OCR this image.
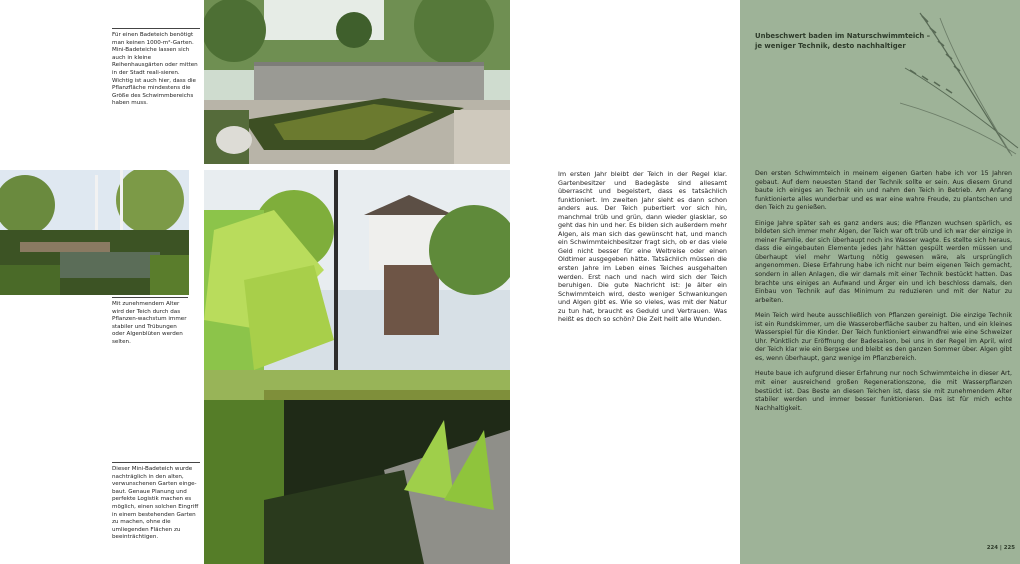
Für einen Badeteich benötigt man keinen 1000-m²-Garten. Mini-Badeteiche lassen sich auch in kleine Reihenhausgärten oder mitten in der Stadt reali-sieren. Wichtig ist auch hier, dass die Pflanzfläche mindestens die Größe des Schwimmbereichs haben muss.

Mit zunehmendem Alter wird der Teich durch das Pflanzen-wachstum immer stabiler und Trübungen oder Algenblüten werden selten.

Dieser Mini-Badeteich wurde nachträglich in den alten, verwunschenen Garten einge-baut. Genaue Planung und perfekte Logistik machen es möglich, einen solchen Eingriff in einem bestehenden Garten zu machen, ohne die umliegenden Flächen zu beeinträchtigen.

Im ersten Jahr bleibt der Teich in der Regel klar. Gartenbesitzer und Badegäste sind allesamt überrascht und begeistert, dass es tatsächlich funktioniert. Im zweiten Jahr sieht es dann schon anders aus. Der Teich pubertiert vor sich hin, manchmal trüb und grün, dann wieder glasklar, so geht das hin und her. Es bilden sich außerdem mehr Algen, als man sich das gewünscht hat, und manch ein Schwimmteichbesitzer fragt sich, ob er das viele Geld nicht besser für eine Weltreise oder einen Oldtimer ausgegeben hätte. Tatsächlich müssen die ersten Jahre im Leben eines Teiches ausgehalten werden. Erst nach und nach wird sich der Teich beruhigen. Die gute Nachricht ist: Je älter ein Schwimmteich wird, desto weniger Schwankungen und Algen gibt es. Wie so vieles, was mit der Natur zu tun hat, braucht es Geduld und Vertrauen. Was heißt es doch so schön? Die Zeit heilt alle Wunden.

Unbeschwert baden im Naturschwimmteich –
je weniger Technik, desto nachhaltiger

Den ersten Schwimmteich in meinem eigenen Garten habe ich vor 15 Jahren gebaut. Auf dem neuesten Stand der Technik sollte er sein. Aus diesem Grund baute ich einiges an Technik ein und nahm den Teich in Betrieb. Am Anfang funktionierte alles wunderbar und es war eine wahre Freude, zu plantschen und den Teich zu genießen.

Einige Jahre später sah es ganz anders aus; die Pflanzen wuchsen spärlich, es bildeten sich immer mehr Algen, der Teich war oft trüb und ich war der einzige in meiner Familie, der sich überhaupt noch ins Wasser wagte. Es stellte sich heraus, dass die eingebauten Elemente jedes Jahr hätten gespült werden müssen und überhaupt viel mehr Wartung nötig gewesen wäre, als ursprünglich angenommen. Diese Erfahrung habe ich nicht nur beim eigenen Teich gemacht, sondern in allen Anlagen, die wir damals mit einer Technik bestückt hatten. Das brachte uns einiges an Aufwand und Ärger ein und ich beschloss damals, den Einbau von Technik auf das Minimum zu reduzieren und mit der Natur zu arbeiten.

Mein Teich wird heute ausschließlich von Pflanzen gereinigt. Die einzige Technik ist ein Rundskimmer, um die Wasseroberfläche sauber zu halten, und ein kleines Wasserspiel für die Kinder. Der Teich funktioniert einwandfrei wie eine Schweizer Uhr. Pünktlich zur Eröffnung der Badesaison, bei uns in der Regel im April, wird der Teich klar wie ein Bergsee und bleibt es den ganzen Sommer über. Algen gibt es, wenn überhaupt, ganz wenige im Pflanzbereich.

Heute baue ich aufgrund dieser Erfahrung nur noch Schwimmteiche in dieser Art, mit einer ausreichend großen Regenerationszone, die mit Wasserpflanzen bestückt ist. Das Beste an diesen Teichen ist, dass sie mit zunehmendem Alter stabiler werden und immer besser funktionieren. Das ist für mich echte Nachhaltigkeit.

224 | 225
